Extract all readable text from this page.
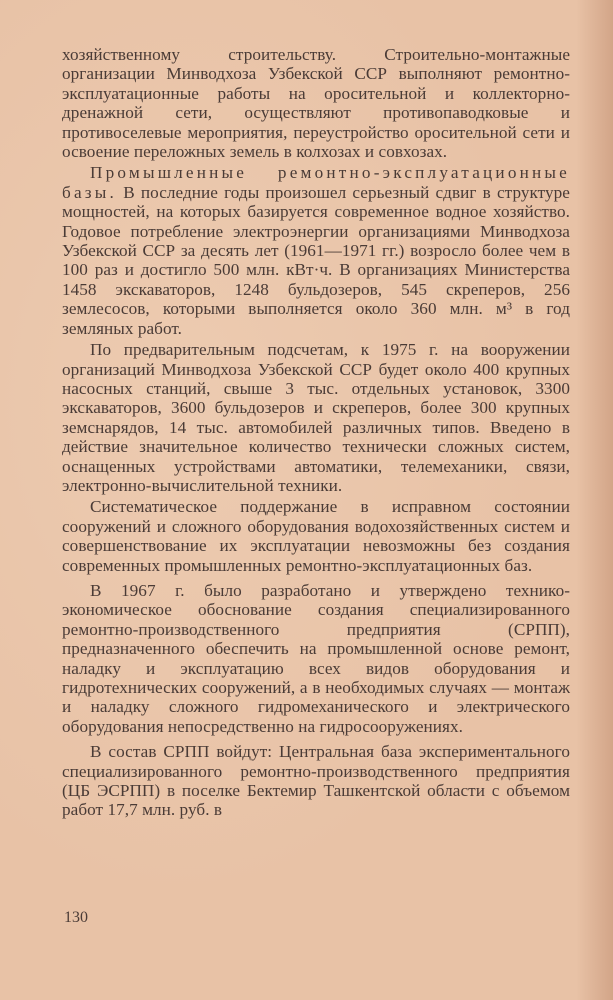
хозяйственному строительству. Строительно-монтажные организации Минводхоза Узбекской ССР выполняют ремонтно-эксплуатационные работы на оросительной и коллекторно-дренажной сети, осуществляют противопаводковые и противоселевые мероприятия, переустройство оросительной сети и освоение переложных земель в колхозах и совхозах.

Промышленные ремонтно-эксплуатационные базы. В последние годы произошел серьезный сдвиг в структуре мощностей, на которых базируется современное водное хозяйство. Годовое потребление электроэнергии организациями Минводхоза Узбекской ССР за десять лет (1961—1971 гг.) возросло более чем в 100 раз и достигло 500 млн. кВт·ч. В организациях Министерства 1458 экскаваторов, 1248 бульдозеров, 545 скреперов, 256 землесосов, которыми выполняется около 360 млн. м³ в год земляных работ.

По предварительным подсчетам, к 1975 г. на вооружении организаций Минводхоза Узбекской ССР будет около 400 крупных насосных станций, свыше 3 тыс. отдельных установок, 3300 экскаваторов, 3600 бульдозеров и скреперов, более 300 крупных земснарядов, 14 тыс. автомобилей различных типов. Введено в действие значительное количество технически сложных систем, оснащенных устройствами автоматики, телемеханики, связи, электронно-вычислительной техники.

Систематическое поддержание в исправном состоянии сооружений и сложного оборудования водохозяйственных систем и совершенствование их эксплуатации невозможны без создания современных промышленных ремонтно-эксплуатационных баз.

В 1967 г. было разработано и утверждено технико-экономическое обоснование создания специализированного ремонтно-производственного предприятия (СРПП), предназначенного обеспечить на промышленной основе ремонт, наладку и эксплуатацию всех видов оборудования и гидротехнических сооружений, а в необходимых случаях — монтаж и наладку сложного гидромеханического и электрического оборудования непосредственно на гидросооружениях.

В состав СРПП войдут: Центральная база экспериментального специализированного ремонтно-производственного предприятия (ЦБ ЭСРПП) в поселке Бектемир Ташкентской области с объемом работ 17,7 млн. руб. в

130
